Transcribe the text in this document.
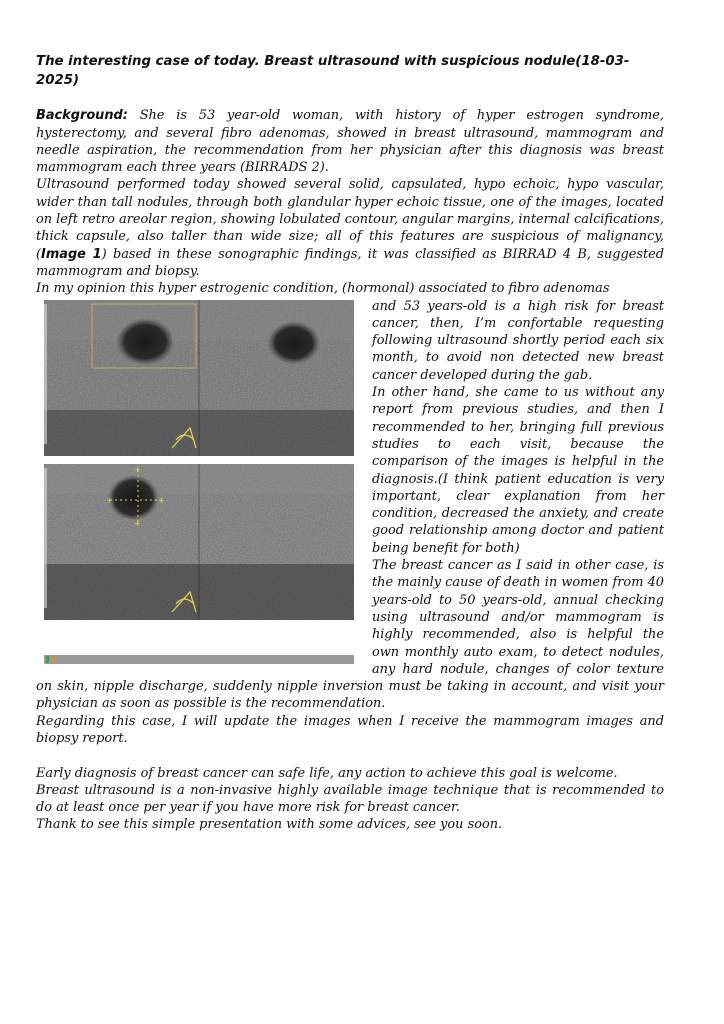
The interesting case of today. Breast ultrasound with suspicious nodule(18-03-2025)

Background: She is 53 year-old woman, with history of hyper estrogen syndrome, hysterectomy, and several fibro adenomas, showed in breast ultrasound, mammogram and needle aspiration, the recommendation from her physician after this diagnosis was breast mammogram each three years (BIRRADS 2).

Ultrasound performed today showed several solid, capsulated, hypo echoic, hypo vascular, wider than tall nodules, through both glandular hyper echoic tissue, one of the images, located on left retro areolar region, showing lobulated contour, angular margins, internal calcifications, thick capsule, also taller than wide size; all of this features are suspicious of malignancy, (Image 1) based in these sonographic findings, it was classified as BIRRAD 4 B, suggested mammogram and biopsy.

In my opinion this hyper estrogenic condition, (hormonal) associated to fibro adenomas

+
+
+	+

and 53 years-old is a high risk for breast cancer, then, I’m confortable requesting following ultrasound shortly period each six month, to avoid non detected new breast cancer developed during the gab.

In other hand, she came to us without any report from previous studies, and then I recommended to her, bringing full previous studies to each visit, because the comparison of the images is helpful in the diagnosis.(I think patient education is very important, clear explanation from her condition, decreased the anxiety, and create good relationship among doctor and patient being benefit for both)

The breast cancer as I said in other case, is the mainly cause of death in women from 40 years-old to 50 years-old, annual checking using ultrasound and/or mammogram is highly recommended, also is helpful the own monthly auto exam, to detect nodules, any hard nodule, changes of color texture on skin, nipple discharge, suddenly nipple inversion must be taking in account, and visit your physician as soon as possible is the recommendation.

Regarding this case, I will update the images when I receive the mammogram images and biopsy report.

Early diagnosis of breast cancer can safe life, any action to achieve this goal is welcome.

Breast ultrasound is a non-invasive highly available image technique that is recommended to do at least once per year if you have more risk for breast cancer.

Thank to see this simple presentation with some advices, see you soon.
